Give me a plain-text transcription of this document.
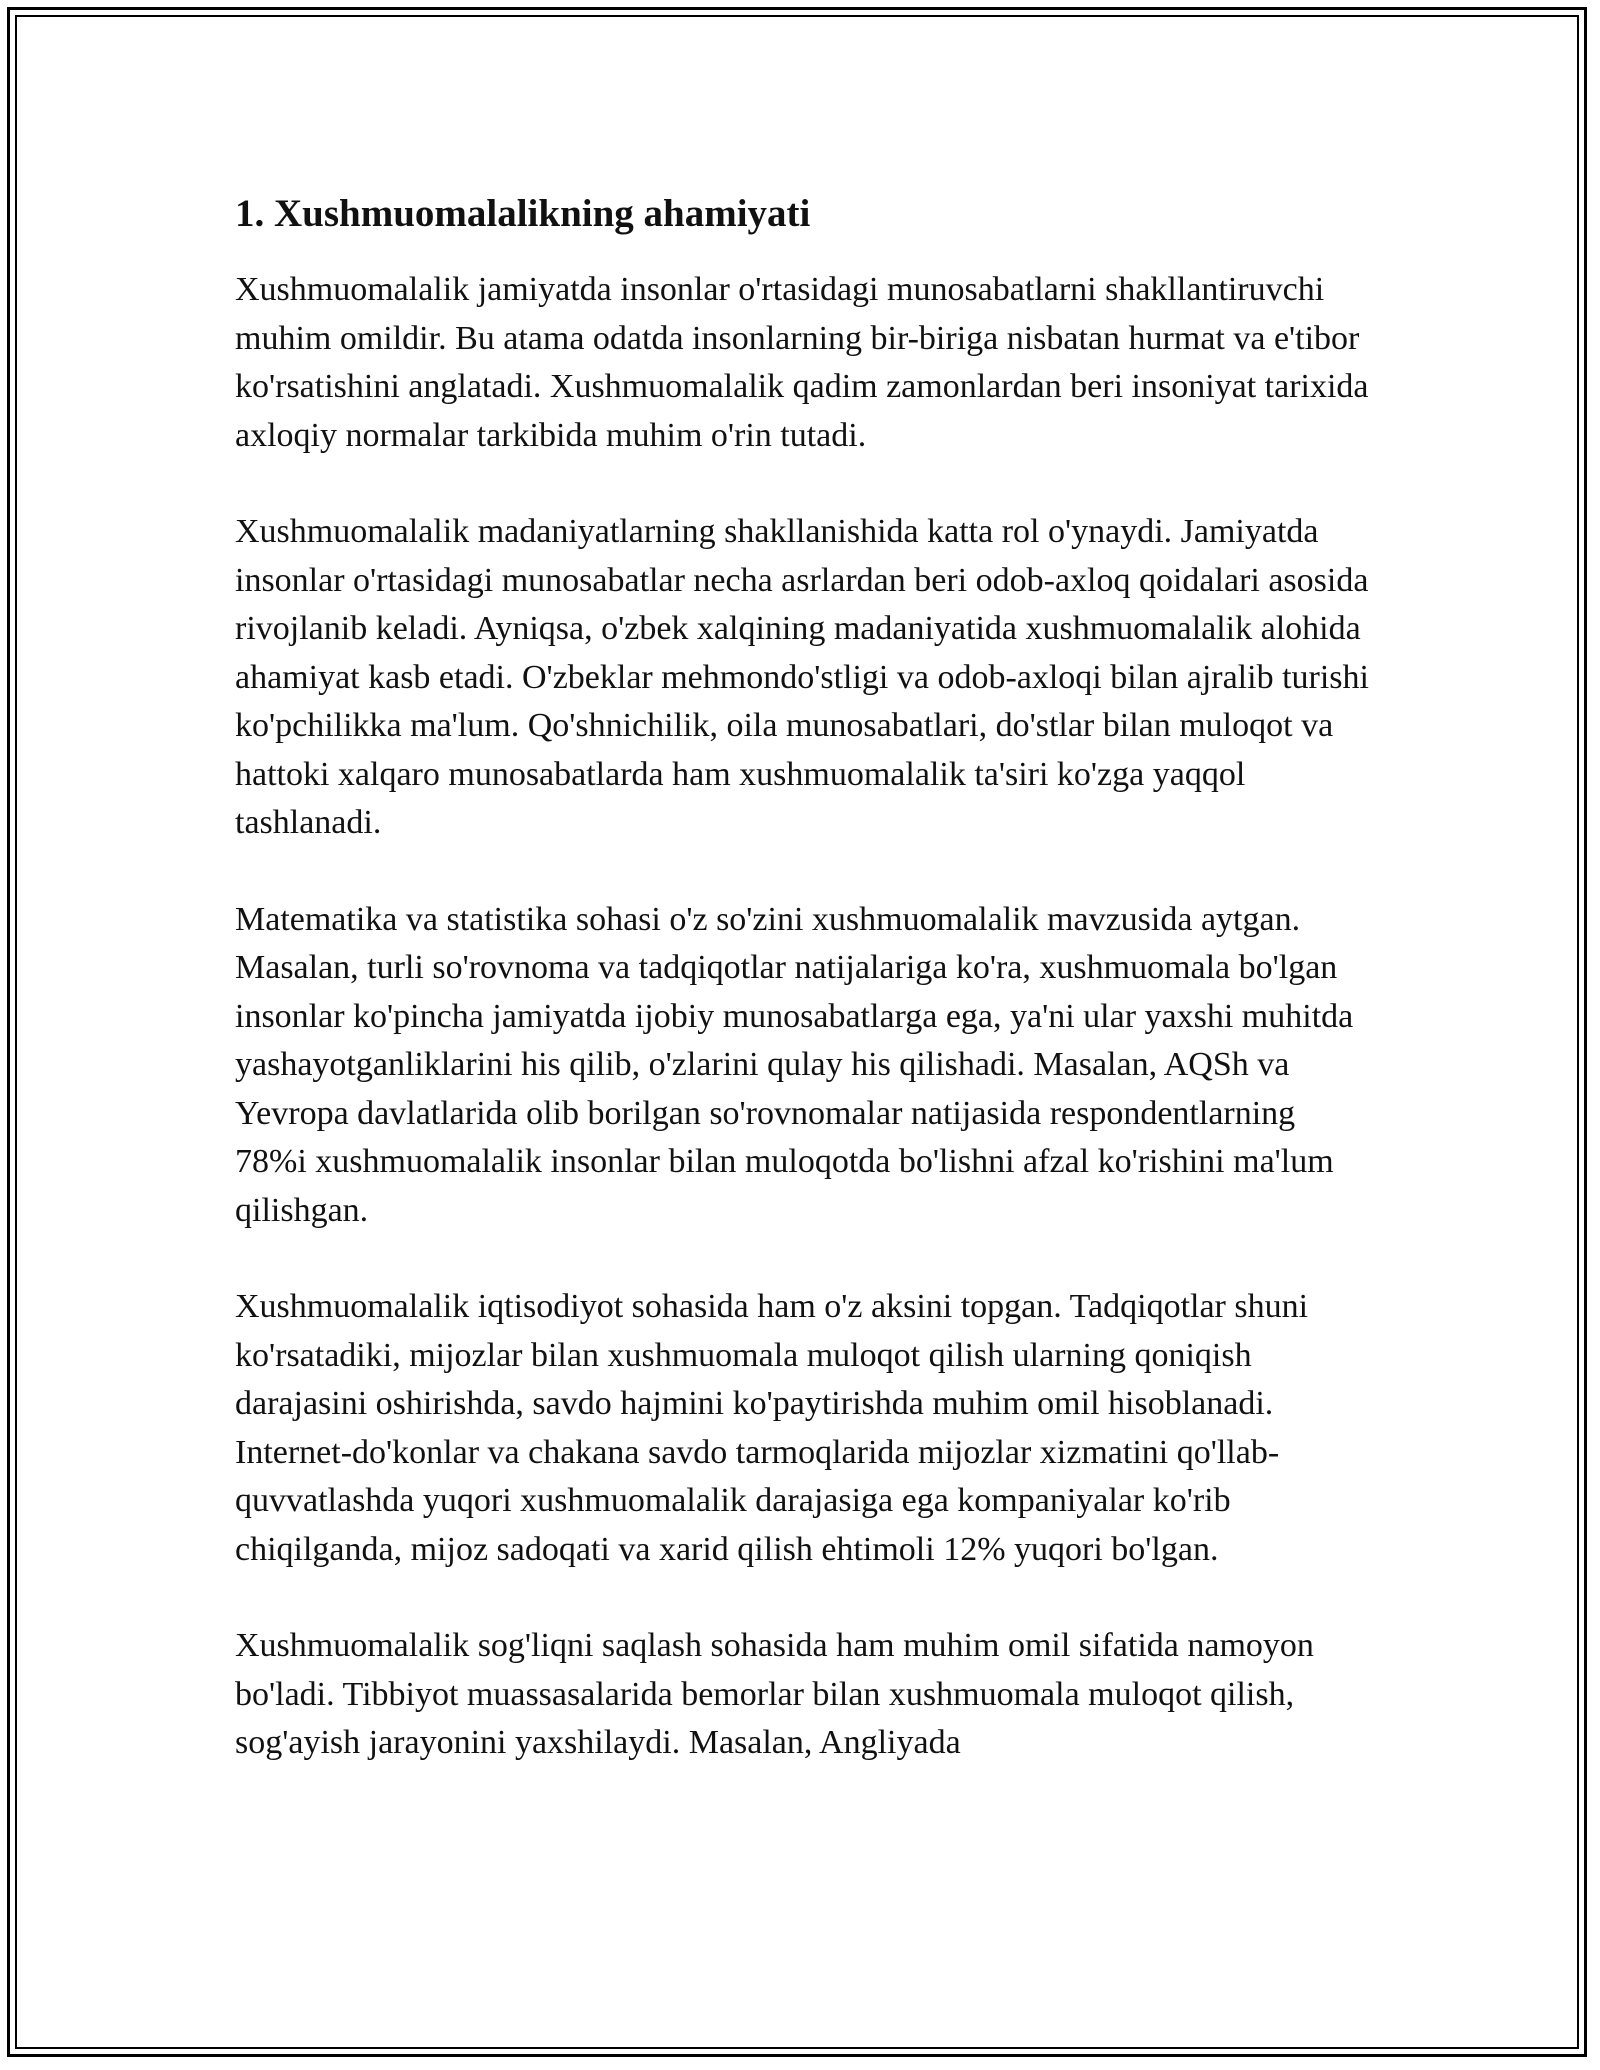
1. Xushmuomalalikning ahamiyati

Xushmuomalalik jamiyatda insonlar o'rtasidagi munosabatlarni shakllantiruvchi muhim omildir. Bu atama odatda insonlarning bir-biriga nisbatan hurmat va e'tibor ko'rsatishini anglatadi. Xushmuomalalik qadim zamonlardan beri insoniyat tarixida axloqiy normalar tarkibida muhim o'rin tutadi.

Xushmuomalalik madaniyatlarning shakllanishida katta rol o'ynaydi. Jamiyatda insonlar o'rtasidagi munosabatlar necha asrlardan beri odob-axloq qoidalari asosida rivojlanib keladi. Ayniqsa, o'zbek xalqining madaniyatida xushmuomalalik alohida ahamiyat kasb etadi. O'zbeklar mehmondo'stligi va odob-axloqi bilan ajralib turishi ko'pchilikka ma'lum. Qo'shnichilik, oila munosabatlari, do'stlar bilan muloqot va hattoki xalqaro munosabatlarda ham xushmuomalalik ta'siri ko'zga yaqqol tashlanadi.

Matematika va statistika sohasi o'z so'zini xushmuomalalik mavzusida aytgan. Masalan, turli so'rovnoma va tadqiqotlar natijalariga ko'ra, xushmuomala bo'lgan insonlar ko'pincha jamiyatda ijobiy munosabatlarga ega, ya'ni ular yaxshi muhitda yashayotganliklarini his qilib, o'zlarini qulay his qilishadi. Masalan, AQSh va Yevropa davlatlarida olib borilgan so'rovnomalar natijasida respondentlarning 78%i xushmuomalalik insonlar bilan muloqotda bo'lishni afzal ko'rishini ma'lum qilishgan.

Xushmuomalalik iqtisodiyot sohasida ham o'z aksini topgan. Tadqiqotlar shuni ko'rsatadiki, mijozlar bilan xushmuomala muloqot qilish ularning qoniqish darajasini oshirishda, savdo hajmini ko'paytirishda muhim omil hisoblanadi. Internet-do'konlar va chakana savdo tarmoqlarida mijozlar xizmatini qo'llab-quvvatlashda yuqori xushmuomalalik darajasiga ega kompaniyalar ko'rib chiqilganda, mijoz sadoqati va xarid qilish ehtimoli 12% yuqori bo'lgan.

Xushmuomalalik sog'liqni saqlash sohasida ham muhim omil sifatida namoyon bo'ladi. Tibbiyot muassasalarida bemorlar bilan xushmuomala muloqot qilish, sog'ayish jarayonini yaxshilaydi. Masalan, Angliyada
